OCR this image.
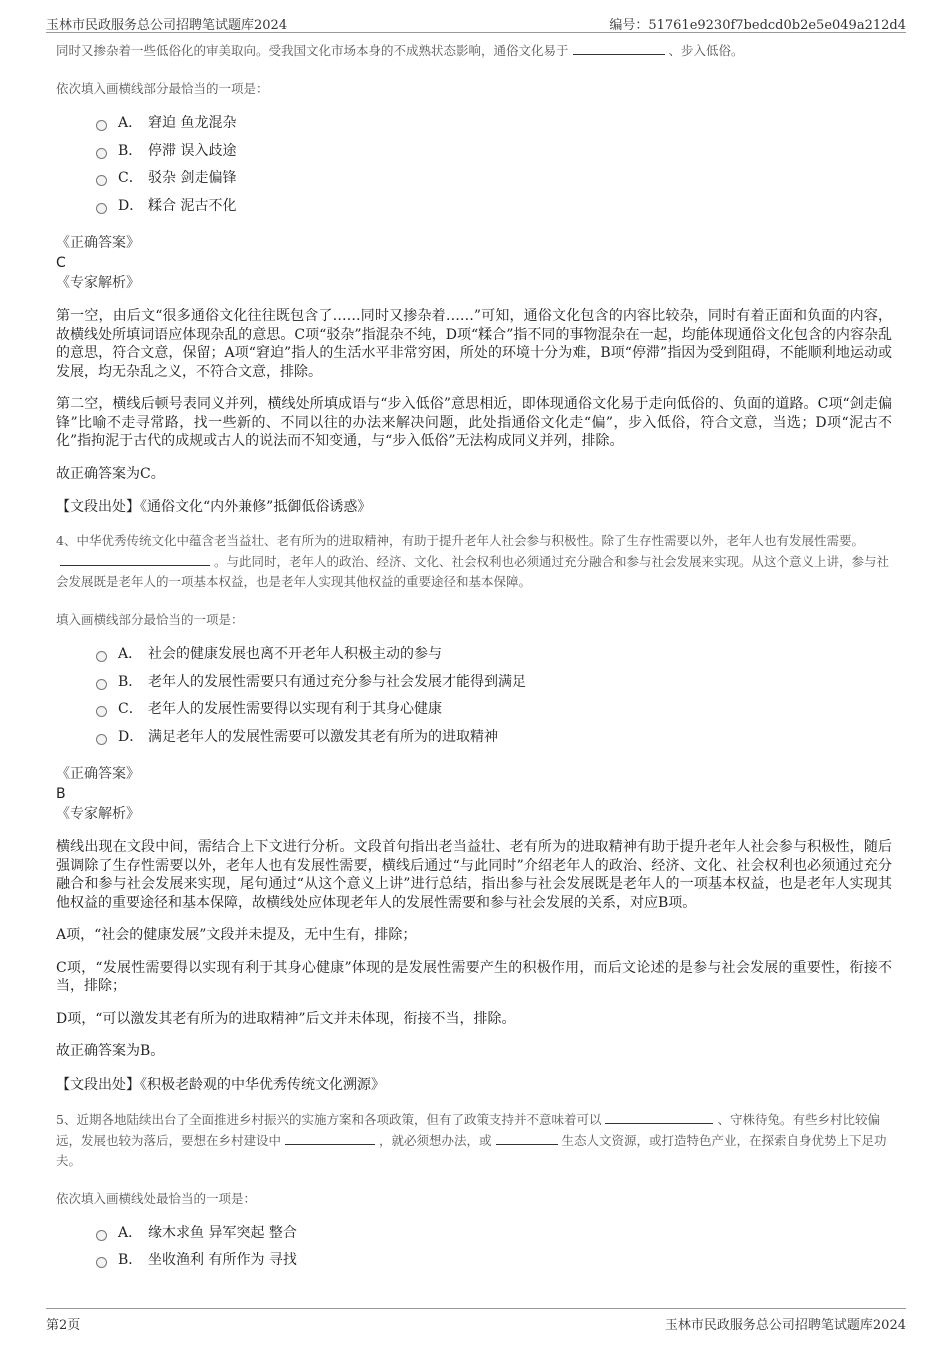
玉林市民政服务总公司招聘笔试题库2024	编号：51761e9230f7bedcd0b2e5e049a212d4

同时又掺杂着一些低俗化的审美取向。受我国文化市场本身的不成熟状态影响，通俗文化易于	、步入低俗。

依次填入画横线部分最恰当的一项是：

A． 窘迫 鱼龙混杂
B． 停滞 误入歧途
C． 驳杂 剑走偏锋
D． 糅合 泥古不化
《正确答案》
C
《专家解析》

第一空，由后文“很多通俗文化往往既包含了……同时又掺杂着……”可知，通俗文化包含的内容比较杂，同时有着正面和负面的内容，故横线处所填词语应体现杂乱的意思。C项“驳杂”指混杂不纯，D项“糅合”指不同的事物混杂在一起，均能体现通俗文化包含的内容杂乱的意思，符合文意，保留；A项“窘迫”指人的生活水平非常穷困，所处的环境十分为难，B项“停滞”指因为受到阻碍，不能顺利地运动或发展，均无杂乱之义，不符合文意，排除。

第二空，横线后顿号表同义并列，横线处所填成语与“步入低俗”意思相近，即体现通俗文化易于走向低俗的、负面的道路。C项“剑走偏锋”比喻不走寻常路，找一些新的、不同以往的办法来解决问题，此处指通俗文化走“偏”，步入低俗，符合文意，当选；D项“泥古不化”指拘泥于古代的成规或古人的说法而不知变通，与“步入低俗”无法构成同义并列，排除。

故正确答案为C。

【文段出处】《通俗文化“内外兼修”抵御低俗诱惑》

4、中华优秀传统文化中蕴含老当益壮、老有所为的进取精神，有助于提升老年人社会参与积极性。除了生存性需要以外，老年人也有发展性需要。。与此同时，老年人的政治、经济、文化、社会权利也必须通过充分融合和参与社会发展来实现。从这个意义上讲，参与社会发展既是老年人的一项基本权益，也是老年人实现其他权益的重要途径和基本保障。

填入画横线部分最恰当的一项是：

A． 社会的健康发展也离不开老年人积极主动的参与
B． 老年人的发展性需要只有通过充分参与社会发展才能得到满足
C． 老年人的发展性需要得以实现有利于其身心健康
D． 满足老年人的发展性需要可以激发其老有所为的进取精神
《正确答案》
B
《专家解析》

横线出现在文段中间，需结合上下文进行分析。文段首句指出老当益壮、老有所为的进取精神有助于提升老年人社会参与积极性，随后强调除了生存性需要以外，老年人也有发展性需要，横线后通过“与此同时”介绍老年人的政治、经济、文化、社会权利也必须通过充分融合和参与社会发展来实现，尾句通过“从这个意义上讲”进行总结，指出参与社会发展既是老年人的一项基本权益，也是老年人实现其他权益的重要途径和基本保障，故横线处应体现老年人的发展性需要和参与社会发展的关系，对应B项。

A项，“社会的健康发展”文段并未提及，无中生有，排除；

C项，“发展性需要得以实现有利于其身心健康”体现的是发展性需要产生的积极作用，而后文论述的是参与社会发展的重要性，衔接不当，排除；

D项，“可以激发其老有所为的进取精神”后文并未体现，衔接不当，排除。

故正确答案为B。

【文段出处】《积极老龄观的中华优秀传统文化溯源》

5、近期各地陆续出台了全面推进乡村振兴的实施方案和各项政策，但有了政策支持并不意味着可以	、守株待兔。有些乡村比较偏远，发展也较为落后，要想在乡村建设中	，就必须想办法，或	生态人文资源，或打造特色产业，在探索自身优势上下足功夫。

依次填入画横线处最恰当的一项是：

A． 缘木求鱼 异军突起 整合
B． 坐收渔利 有所作为 寻找
第2页	玉林市民政服务总公司招聘笔试题库2024
